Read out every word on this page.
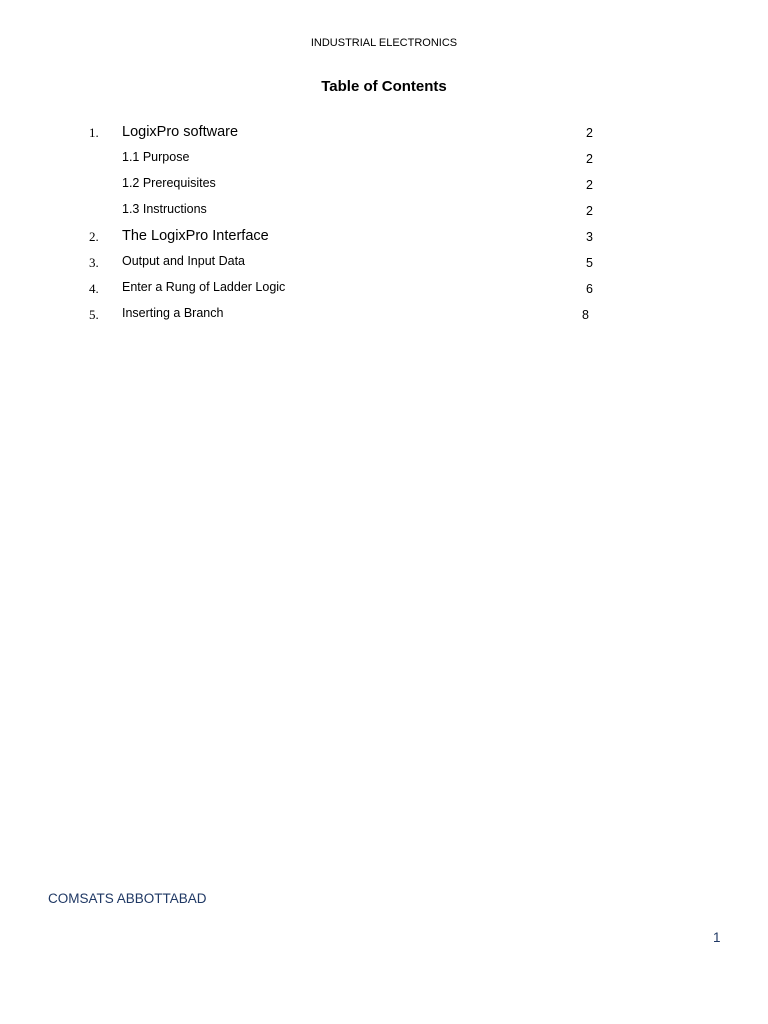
INDUSTRIAL ELECTRONICS
Table of Contents
1. LogixPro software	2
1.1 Purpose	2
1.2 Prerequisites	2
1.3 Instructions	2
2. The LogixPro Interface	3
3. Output and Input Data	5
4. Enter a Rung of Ladder Logic	6
5. Inserting a Branch	8
COMSATS ABBOTTABAD
1
